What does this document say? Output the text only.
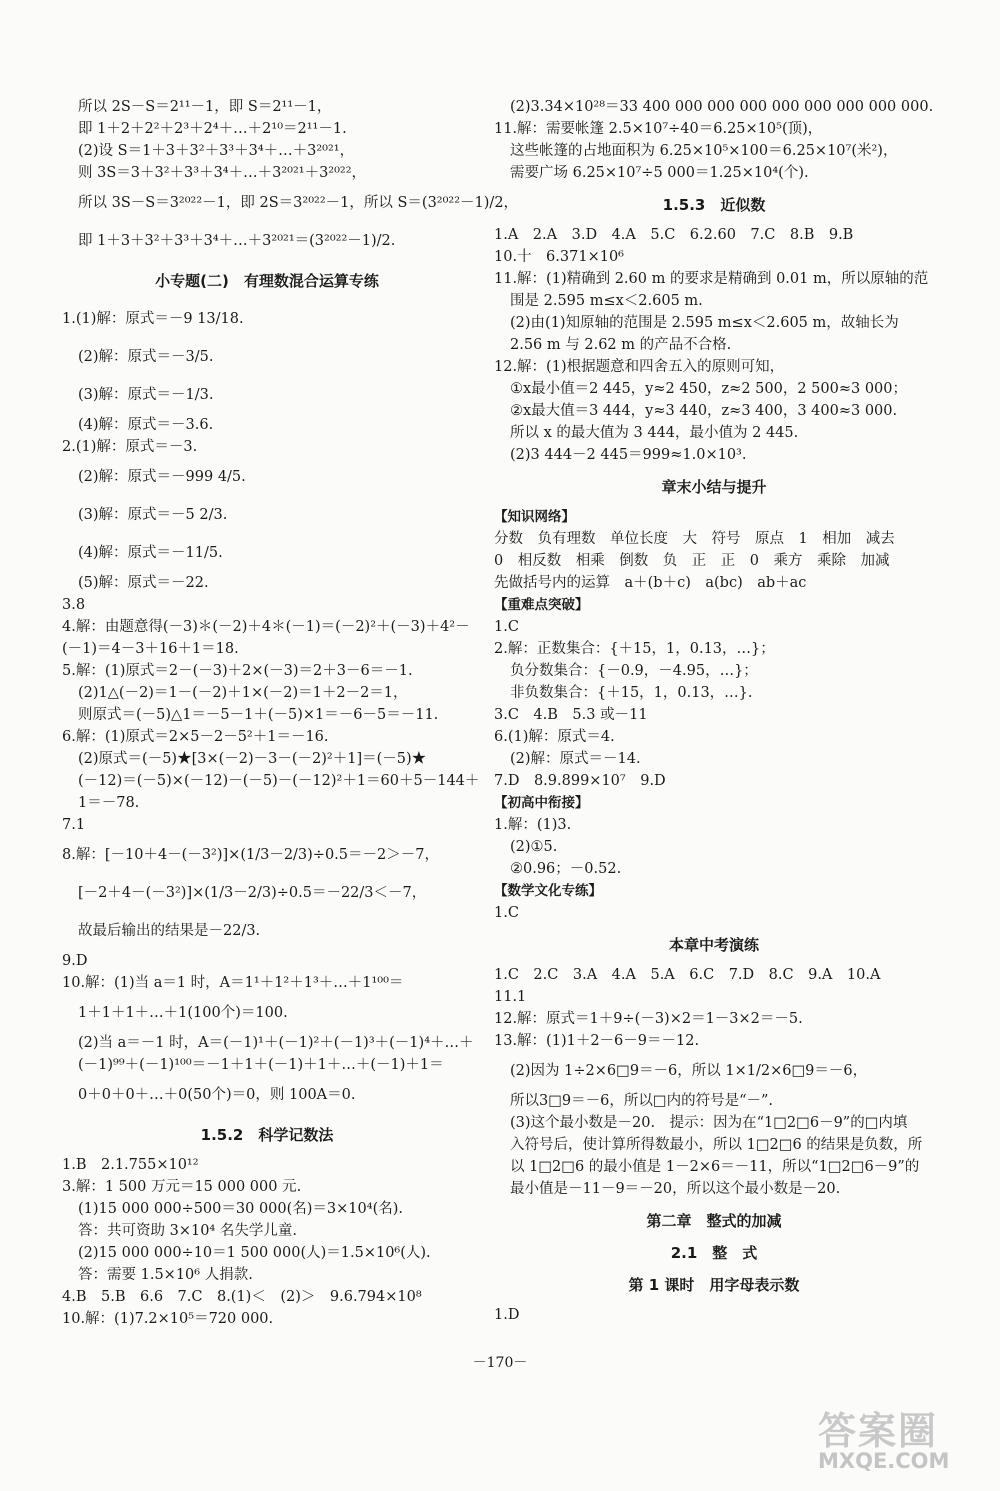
所以 2S－S＝2¹¹－1，即 S＝2¹¹－1，
即 1＋2＋2²＋2³＋2⁴＋…＋2¹⁰＝2¹¹－1.
(2)设 S＝1＋3＋3²＋3³＋3⁴＋…＋3²⁰²¹，
则 3S＝3＋3²＋3³＋3⁴＋…＋3²⁰²¹＋3²⁰²²，
所以 3S－S＝3²⁰²²－1，即 2S＝3²⁰²²－1，所以 S＝(3²⁰²²－1)/2，
即 1＋3＋3²＋3³＋3⁴＋…＋3²⁰²¹＝(3²⁰²²－1)/2.
小专题(二)　有理数混合运算专练
1.(1)解：原式＝－9 13/18.
(2)解：原式＝－3/5.
(3)解：原式＝－1/3.
(4)解：原式＝－3.6.
2.(1)解：原式＝－3.
(2)解：原式＝－999 4/5.
(3)解：原式＝－5 2/3.
(4)解：原式＝－11/5.
(5)解：原式＝－22.
3.8
4.解：由题意得(－3)＊(－2)＋4＊(－1)＝(－2)²＋(－3)＋4²－
(－1)＝4－3＋16＋1＝18.
5.解：(1)原式＝2－(－3)＋2×(－3)＝2＋3－6＝－1.
(2)1△(－2)＝1－(－2)＋1×(－2)＝1＋2－2＝1，
则原式＝(－5)△1＝－5－1＋(－5)×1＝－6－5＝－11.
6.解：(1)原式＝2×5－2－5²＋1＝－16.
(2)原式＝(－5)★[3×(－2)－3－(－2)²＋1]＝(－5)★
(－12)＝(－5)×(－12)－(－5)－(－12)²＋1＝60＋5－144＋
1＝－78.
7.1
8.解：[－10＋4－(－3²)]×(1/3－2/3)÷0.5＝－2＞－7，
[－2＋4－(－3²)]×(1/3－2/3)÷0.5＝－22/3＜－7，
故最后输出的结果是－22/3.
9.D
10.解：(1)当 a＝1 时，A＝1¹＋1²＋1³＋…＋1¹⁰⁰＝
1＋1＋1＋…＋1(100个)＝100.
(2)当 a＝－1 时，A＝(－1)¹＋(－1)²＋(－1)³＋(－1)⁴＋…＋
(－1)⁹⁹＋(－1)¹⁰⁰＝－1＋1＋(－1)＋1＋…＋(－1)＋1＝
0＋0＋0＋…＋0(50个)＝0，则 100A＝0.
1.5.2　科学记数法
1.B　2.1.755×10¹²
3.解：1 500 万元＝15 000 000 元.
(1)15 000 000÷500＝30 000(名)＝3×10⁴(名).
答：共可资助 3×10⁴ 名失学儿童.
(2)15 000 000÷10＝1 500 000(人)＝1.5×10⁶(人).
答：需要 1.5×10⁶ 人捐款.
4.B　5.B　6.6　7.C　8.(1)＜　(2)＞　9.6.794×10⁸
10.解：(1)7.2×10⁵＝720 000.
(2)3.34×10²⁸＝33 400 000 000 000 000 000 000 000 000.
11.解：需要帐篷 2.5×10⁷÷40＝6.25×10⁵(顶)，
这些帐篷的占地面积为 6.25×10⁵×100＝6.25×10⁷(米²)，
需要广场 6.25×10⁷÷5 000＝1.25×10⁴(个).
1.5.3　近似数
1.A　2.A　3.D　4.A　5.C　6.2.60　7.C　8.B　9.B
10.十　6.371×10⁶
11.解：(1)精确到 2.60 m 的要求是精确到 0.01 m，所以原轴的范
围是 2.595 m≤x＜2.605 m.
(2)由(1)知原轴的范围是 2.595 m≤x＜2.605 m，故轴长为
2.56 m 与 2.62 m 的产品不合格.
12.解：(1)根据题意和四舍五入的原则可知，
①x最小值＝2 445，y≈2 450，z≈2 500，2 500≈3 000；
②x最大值＝3 444，y≈3 440，z≈3 400，3 400≈3 000.
所以 x 的最大值为 3 444，最小值为 2 445.
(2)3 444－2 445＝999≈1.0×10³.
章末小结与提升
【知识网络】
分数　负有理数　单位长度　大　符号　原点　1　相加　减去
0　相反数　相乘　倒数　负　正　正　0　乘方　乘除　加减
先做括号内的运算　a＋(b＋c)　a(bc)　ab＋ac
【重难点突破】
1.C
2.解：正数集合：{＋15，1，0.13，…}；
负分数集合：{－0.9，－4.95，…}；
非负数集合：{＋15，1，0.13，…}.
3.C　4.B　5.3 或－11
6.(1)解：原式＝4.
(2)解：原式＝－14.
7.D　8.9.899×10⁷　9.D
【初高中衔接】
1.解：(1)3.
(2)①5.
②0.96；－0.52.
【数学文化专练】
1.C
本章中考演练
1.C　2.C　3.A　4.A　5.A　6.C　7.D　8.C　9.A　10.A
11.1
12.解：原式＝1＋9÷(－3)×2＝1－3×2＝－5.
13.解：(1)1＋2－6－9＝－12.
(2)因为 1÷2×6□9＝－6，所以 1×1/2×6□9＝－6，
所以3□9＝－6，所以□内的符号是“－”.
(3)这个最小数是－20.　提示：因为在“1□2□6－9”的□内填
入符号后，使计算所得数最小，所以 1□2□6 的结果是负数，所
以 1□2□6 的最小值是 1－2×6＝－11，所以“1□2□6－9”的
最小值是－11－9＝－20，所以这个最小数是－20.
第二章　整式的加减
2.1　整　式
第 1 课时　用字母表示数
1.D
－170－
答案圈
MXQE.COM
